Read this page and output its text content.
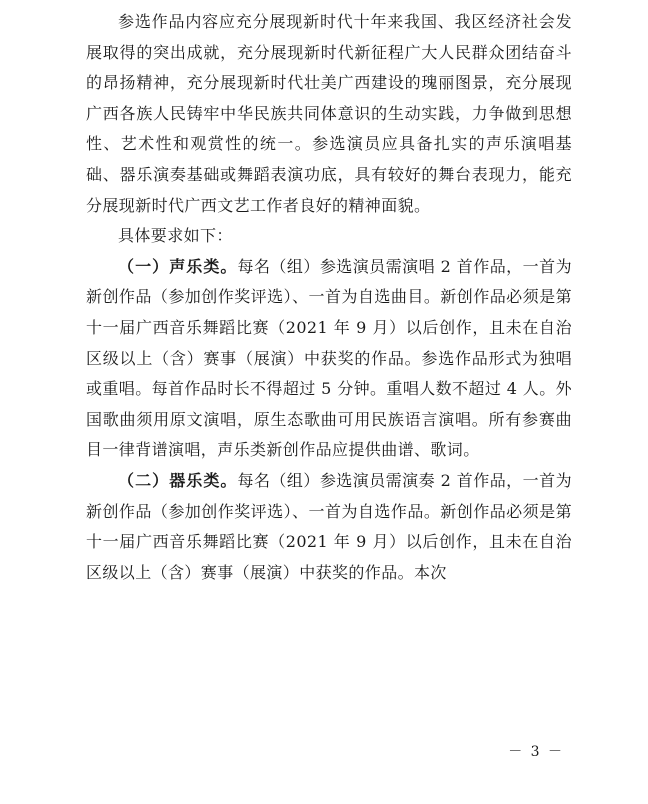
参选作品内容应充分展现新时代十年来我国、我区经济社会发展取得的突出成就，充分展现新时代新征程广大人民群众团结奋斗的昂扬精神，充分展现新时代壮美广西建设的瑰丽图景，充分展现广西各族人民铸牢中华民族共同体意识的生动实践，力争做到思想性、艺术性和观赏性的统一。参选演员应具备扎实的声乐演唱基础、器乐演奏基础或舞蹈表演功底，具有较好的舞台表现力，能充分展现新时代广西文艺工作者良好的精神面貌。

具体要求如下：

（一）声乐类。每名（组）参选演员需演唱 2 首作品，一首为新创作品（参加创作奖评选）、一首为自选曲目。新创作品必须是第十一届广西音乐舞蹈比赛（2021 年 9 月）以后创作，且未在自治区级以上（含）赛事（展演）中获奖的作品。参选作品形式为独唱或重唱。每首作品时长不得超过 5 分钟。重唱人数不超过 4 人。外国歌曲须用原文演唱，原生态歌曲可用民族语言演唱。所有参赛曲目一律背谱演唱，声乐类新创作品应提供曲谱、歌词。

（二）器乐类。每名（组）参选演员需演奏 2 首作品，一首为新创作品（参加创作奖评选）、一首为自选作品。新创作品必须是第十一届广西音乐舞蹈比赛（2021 年 9 月）以后创作，且未在自治区级以上（含）赛事（展演）中获奖的作品。本次

－ 3 －
